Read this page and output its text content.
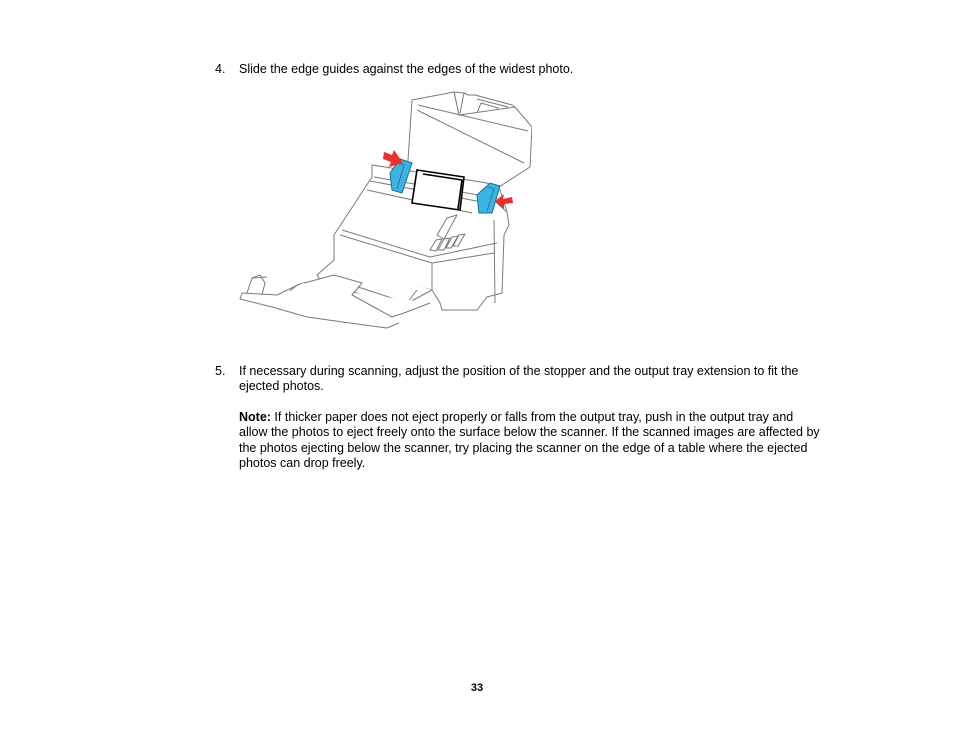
4.	Slide the edge guides against the edges of the widest photo.
5.	If necessary during scanning, adjust the position of the stopper and the output tray extension to fit the ejected photos.
Note: If thicker paper does not eject properly or falls from the output tray, push in the output tray and allow the photos to eject freely onto the surface below the scanner. If the scanned images are affected by the photos ejecting below the scanner, try placing the scanner on the edge of a table where the ejected photos can drop freely.
33
